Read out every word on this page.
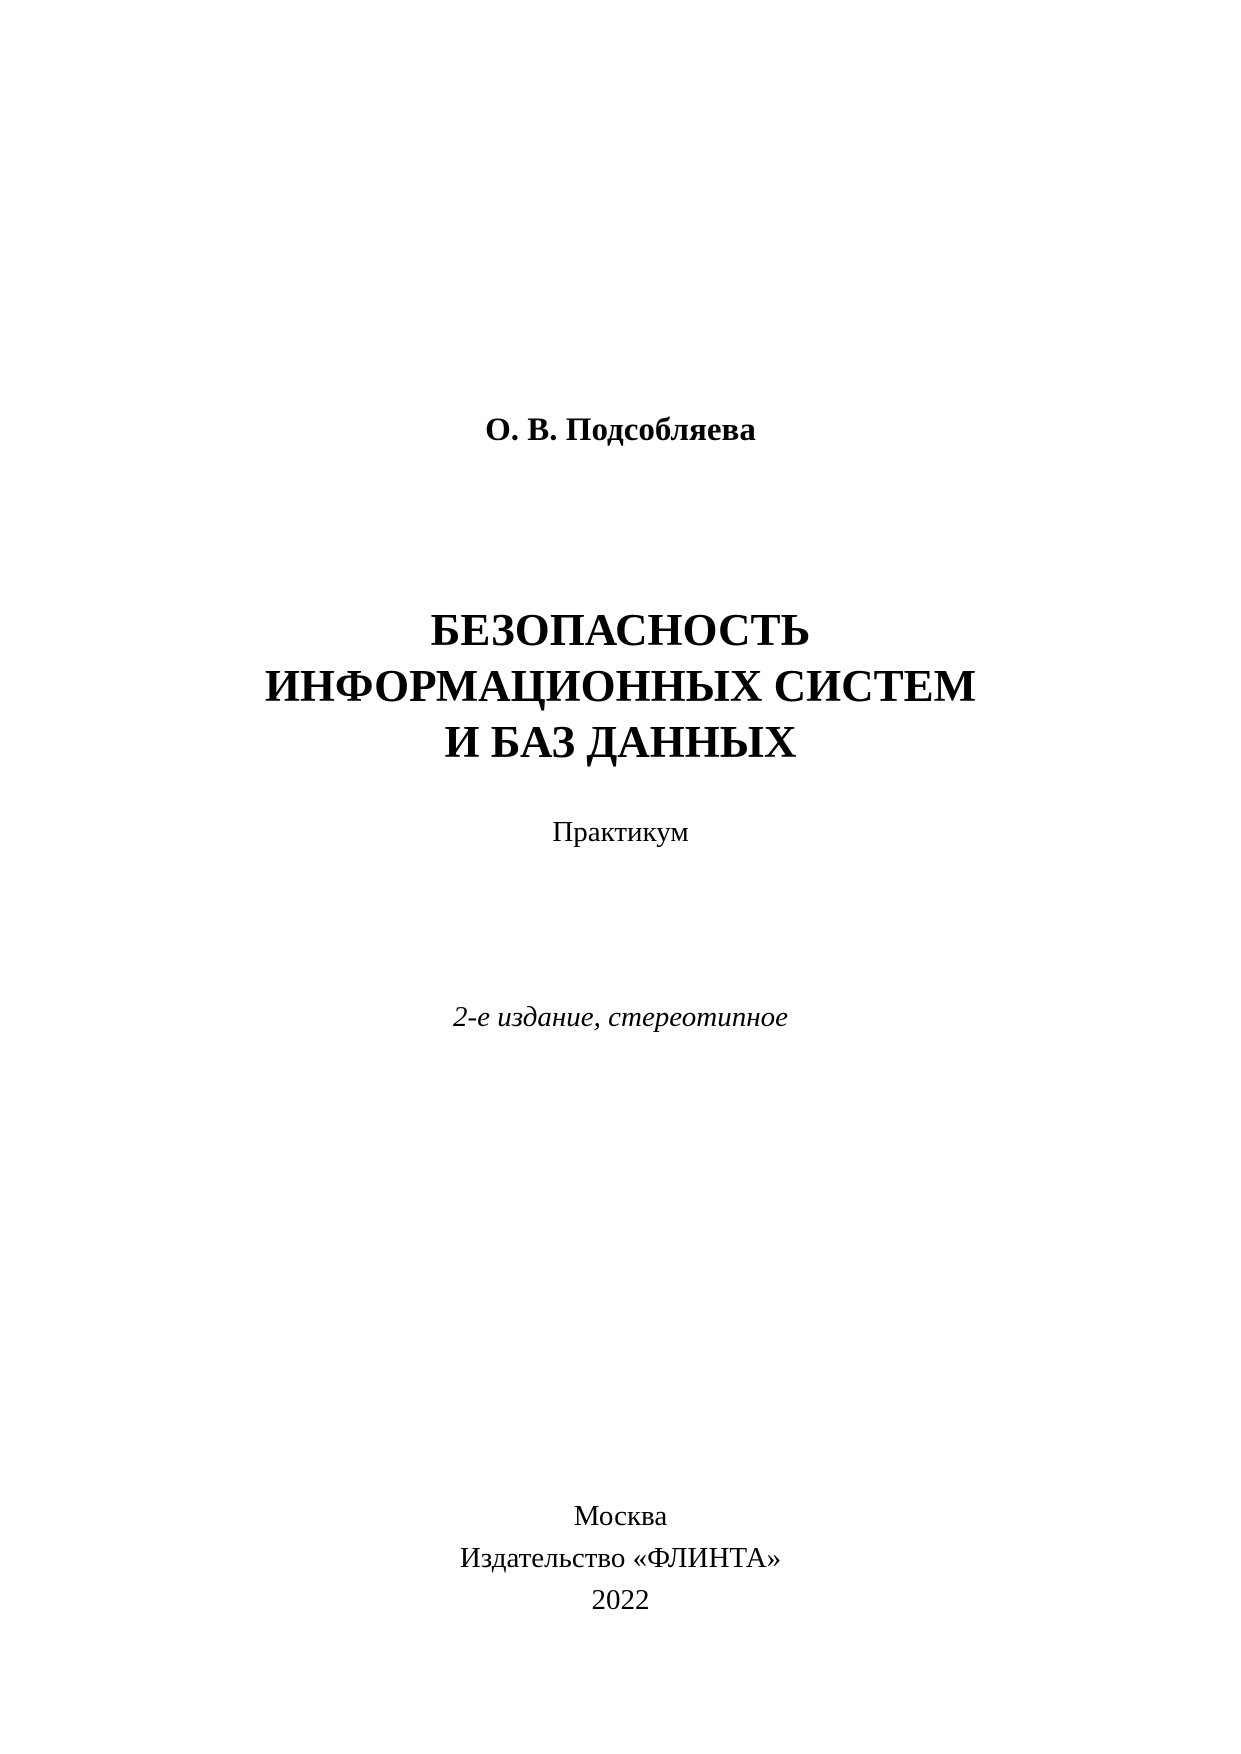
О. В. Подсобляева
БЕЗОПАСНОСТЬ
ИНФОРМАЦИОННЫХ СИСТЕМ
И БАЗ ДАННЫХ
Практикум
2-е издание, стереотипное
Москва
Издательство «ФЛИНТА»
2022
